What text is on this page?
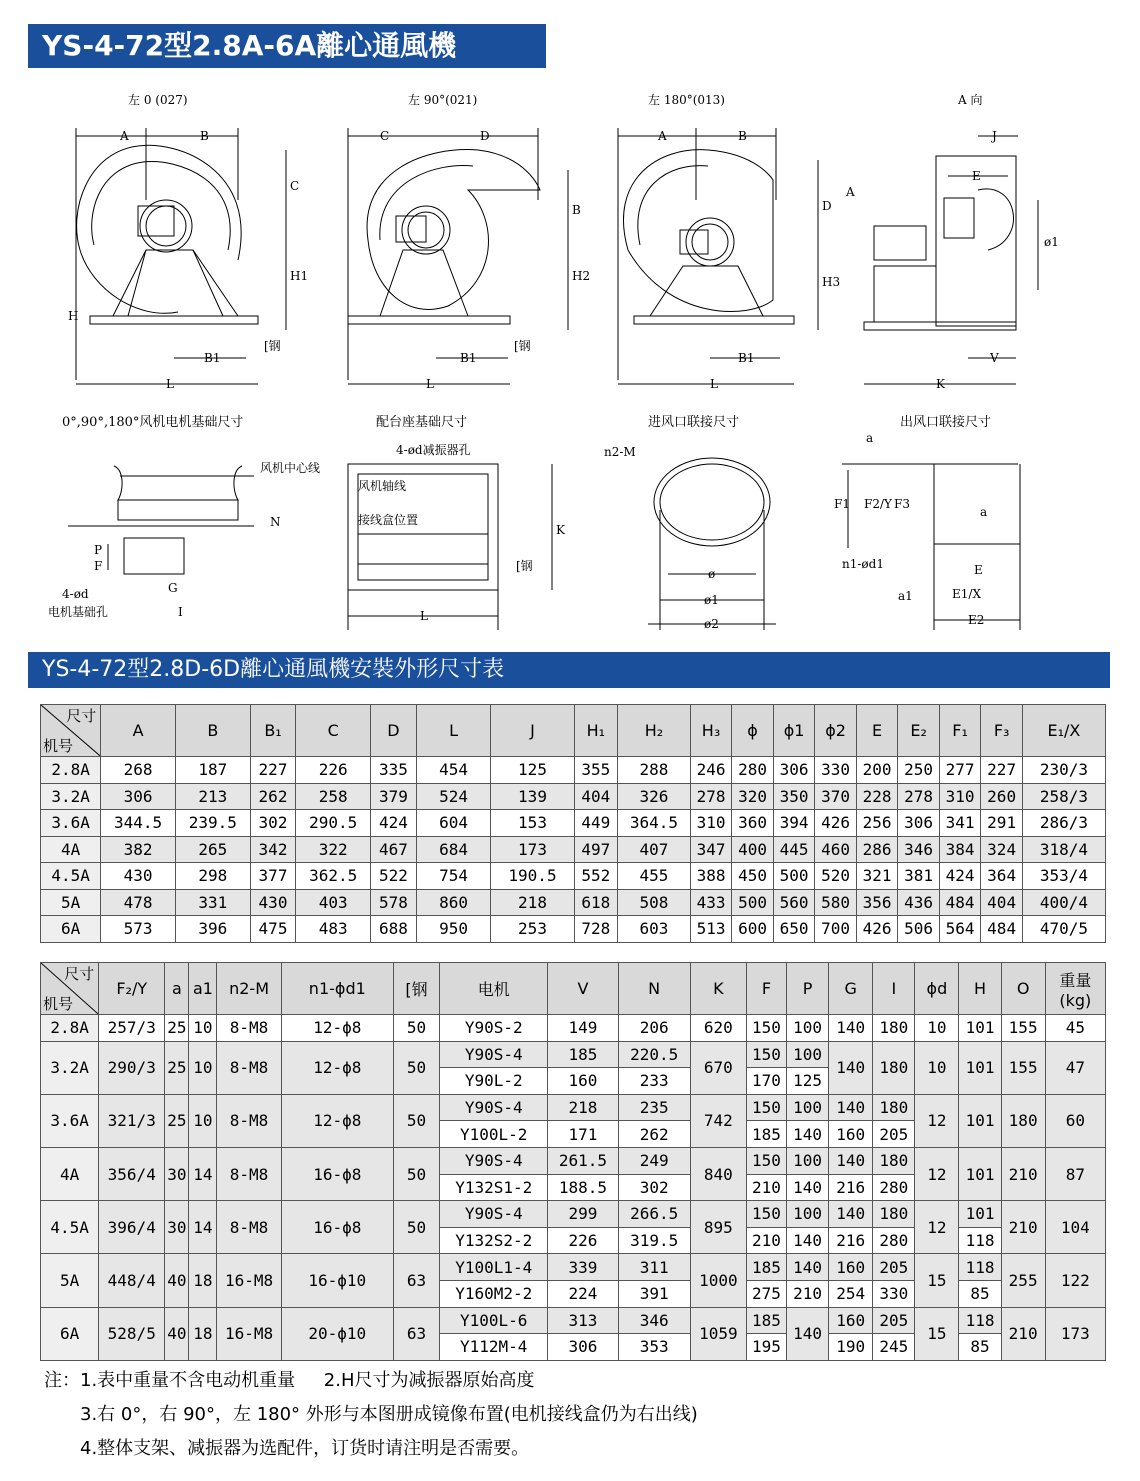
YS-4-72型2.8A-6A離心通風機
左 0 (027)
A	B
C
H1
H
[钢
B1
L
左 90°(021)
C	D
B
H2
[钢
B1
L
左 180°(013)
A	B
D
H3
A
B1
L
A 向
J
E
ø1
V
K
0°,90°,180°风机电机基础尺寸	配台座基础尺寸	进风口联接尺寸	出风口联接尺寸
风机中心线
N
P
F
G
4-ød
电机基础孔	I
4-ød减振器孔
风机轴线
接线盒位置
L
K
[钢
n2-M
ø
ø1
ø2
a
F1 F2/Y F3
a
n1-ød1	E
a1	E1/X
E2
YS-4-72型2.8D-6D離心通風機安裝外形尺寸表
尺寸
机号	A	B	B₁	C	D	L	J	H₁	H₂	H₃	ϕ	ϕ1	ϕ2	E	E₂	F₁	F₃	E₁/X
2.8A	268	187	227	226	335	454	125	355	288	246	280	306	330	200	250	277	227	230/3
3.2A	306	213	262	258	379	524	139	404	326	278	320	350	370	228	278	310	260	258/3
3.6A	344.5	239.5	302	290.5	424	604	153	449	364.5	310	360	394	426	256	306	341	291	286/3
4A	382	265	342	322	467	684	173	497	407	347	400	445	460	286	346	384	324	318/4
4.5A	430	298	377	362.5	522	754	190.5	552	455	388	450	500	520	321	381	424	364	353/4
5A	478	331	430	403	578	860	218	618	508	433	500	560	580	356	436	484	404	400/4
6A	573	396	475	483	688	950	253	728	603	513	600	650	700	426	506	564	484	470/5
尺寸
机号	F₂/Y	a	a1	n2-M	n1-ϕd1	[钢	电机	V	N	K	F	P	G	I	ϕd	H	O	重量(kg)
2.8A	257/3	25	10	8-M8	12-ϕ8	50	Y90S-2	149	206	620	150	100	140	180	10	101	155	45
3.2A	290/3	25	10	8-M8	12-ϕ8	50	Y90S-4	185	220.5	670	150	100	140	180	10	101	155	47
							Y90L-2	160	233		170	125						
3.6A	321/3	25	10	8-M8	12-ϕ8	50	Y90S-4	218	235	742	150	100	140	180	12	101	180	60
							Y100L-2	171	262		185	140	160	205				
4A	356/4	30	14	8-M8	16-ϕ8	50	Y90S-4	261.5	249	840	150	100	140	180	12	101	210	87
							Y132S1-2	188.5	302		210	140	216	280				
4.5A	396/4	30	14	8-M8	16-ϕ8	50	Y90S-4	299	266.5	895	150	100	140	180	12	101	210	104
							Y132S2-2	226	319.5		210	140	216	280		118		
5A	448/4	40	18	16-M8	16-ϕ10	63	Y100L1-4	339	311	1000	185	140	160	205	15	118	255	122
							Y160M2-2	224	391		275	210	254	330		85		
6A	528/5	40	18	16-M8	20-ϕ10	63	Y100L-6	313	346	1059	185	140	160	205	15	118	210	173
							Y112M-4	306	353		195		190	245		85		
注：1.表中重量不含电动机重量     2.H尺寸为减振器原始高度
3.右 0°，右 90°，左 180° 外形与本图册成镜像布置(电机接线盒仍为右出线)
4.整体支架、减振器为选配件，订货时请注明是否需要。
